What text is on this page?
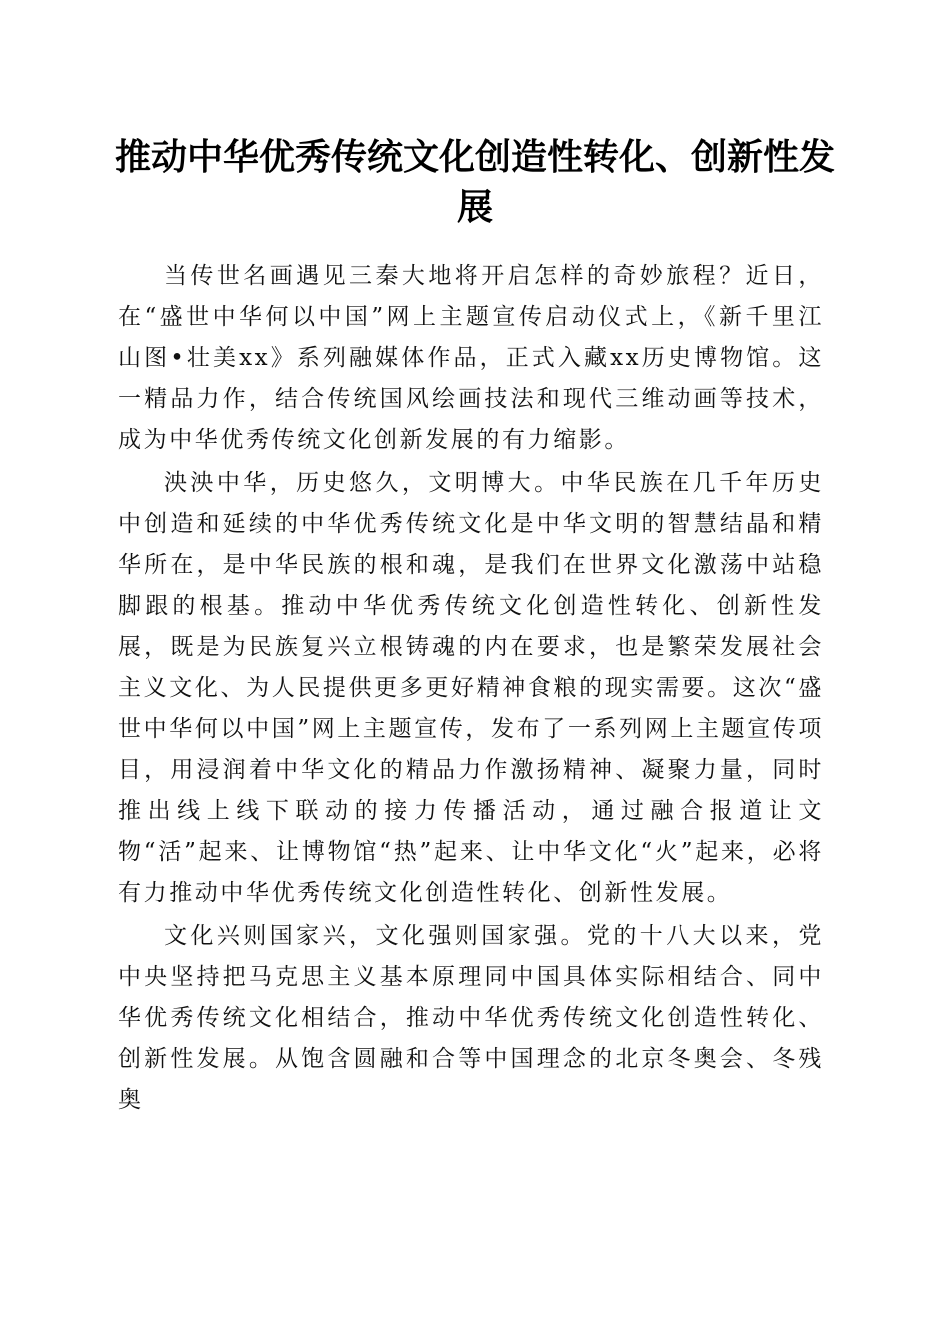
推动中华优秀传统文化创造性转化、创新性发展

当传世名画遇见三秦大地将开启怎样的奇妙旅程？近日，在“盛世中华何以中国”网上主题宣传启动仪式上，《新千里江山图•壮美xx》系列融媒体作品，正式入藏xx历史博物馆。这一精品力作，结合传统国风绘画技法和现代三维动画等技术，成为中华优秀传统文化创新发展的有力缩影。

泱泱中华，历史悠久，文明博大。中华民族在几千年历史中创造和延续的中华优秀传统文化是中华文明的智慧结晶和精华所在，是中华民族的根和魂，是我们在世界文化激荡中站稳脚跟的根基。推动中华优秀传统文化创造性转化、创新性发展，既是为民族复兴立根铸魂的内在要求，也是繁荣发展社会主义文化、为人民提供更多更好精神食粮的现实需要。这次“盛世中华何以中国”网上主题宣传，发布了一系列网上主题宣传项目，用浸润着中华文化的精品力作激扬精神、凝聚力量，同时推出线上线下联动的接力传播活动，通过融合报道让文物“活”起来、让博物馆“热”起来、让中华文化“火”起来，必将有力推动中华优秀传统文化创造性转化、创新性发展。

文化兴则国家兴，文化强则国家强。党的十八大以来，党中央坚持把马克思主义基本原理同中国具体实际相结合、同中华优秀传统文化相结合，推动中华优秀传统文化创造性转化、创新性发展。从饱含圆融和合等中国理念的北京冬奥会、冬残奥
